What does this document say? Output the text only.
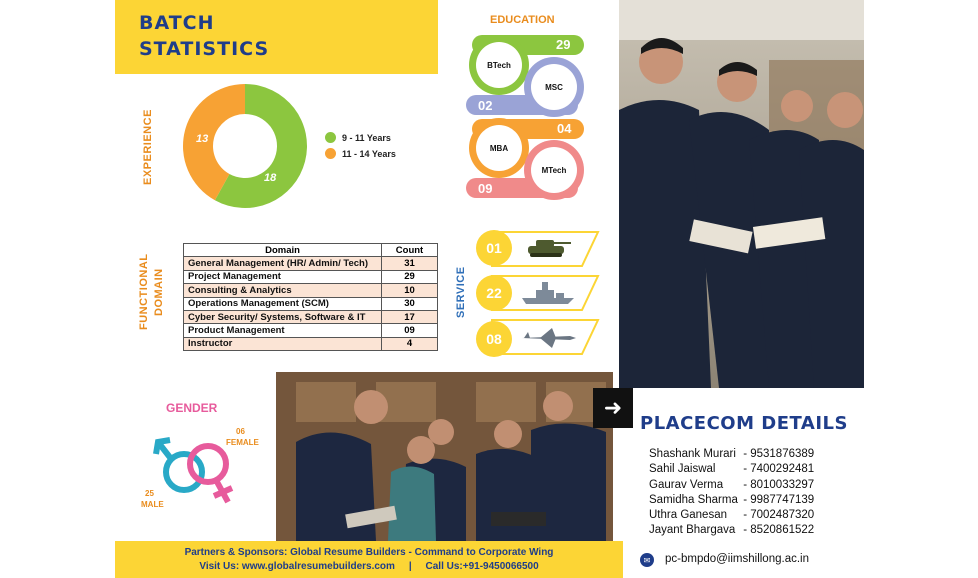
BATCH
STATISTICS
EXPERIENCE	13
18
9 - 11 Years
11 - 14 Years
FUNCTIONAL DOMAIN
Domain	Count
General Management (HR/ Admin/ Tech)	31
Project Management	29
Consulting & Analytics	10
Operations Management (SCM)	30
Cyber Security/ Systems, Software & IT	17
Product Management	09
Instructor	4
EDUCATION
BTech
MSC
MBA
MTech
29
02
04
09
SERVICE
01
22
08
GENDER
06
FEMALE
25
MALE
➜
Partners & Sponsors: Global Resume Builders - Command to Corporate Wing
Visit Us: www.globalresumebuilders.com     |     Call Us:+91-9450066500
PLACECOM DETAILS
Shashank Murari - 9531876389
Sahil Jaiswal - 7400292481
Gaurav Verma - 8010033297
Samidha Sharma - 9987747139
Uthra Ganesan - 7002487320
Jayant Bhargava - 8520861522
✉	pc-bmpdo@iimshillong.ac.in
